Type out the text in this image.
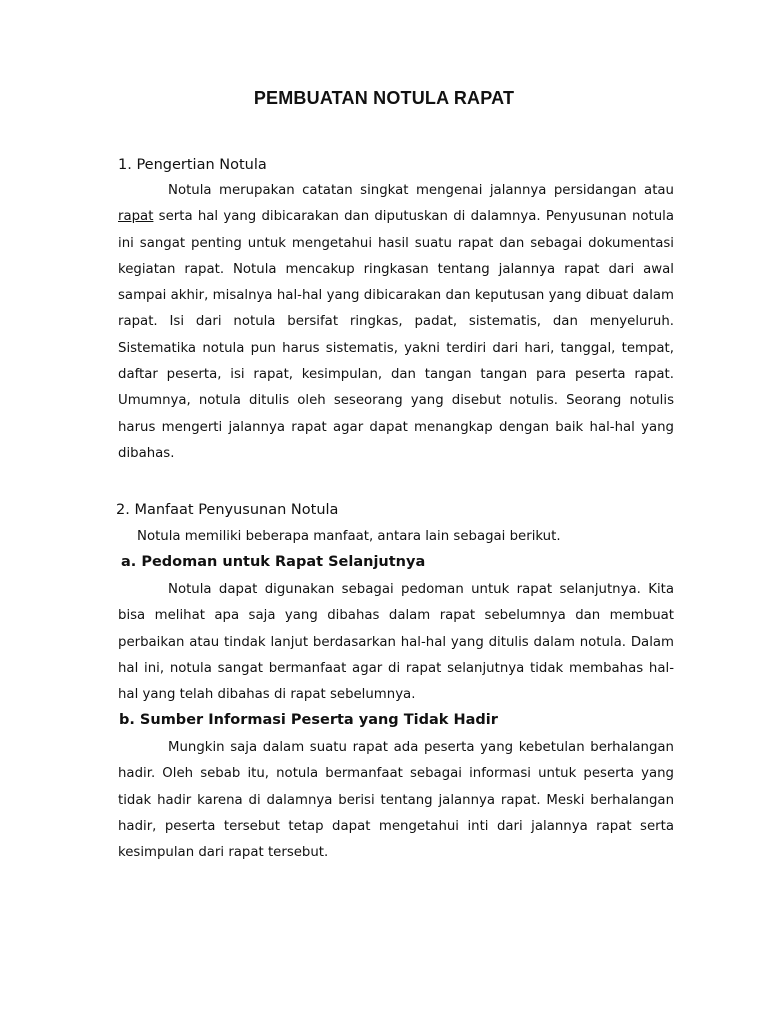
PEMBUATAN NOTULA RAPAT
1. Pengertian Notula

Notula merupakan catatan singkat mengenai jalannya persidangan atau rapat serta hal yang dibicarakan dan diputuskan di dalamnya. Penyusunan notula ini sangat penting untuk mengetahui hasil suatu rapat dan sebagai dokumentasi kegiatan rapat. Notula mencakup ringkasan tentang jalannya rapat dari awal sampai akhir, misalnya hal-hal yang dibicarakan dan keputusan yang dibuat dalam rapat. Isi dari notula bersifat ringkas, padat, sistematis, dan menyeluruh. Sistematika notula pun harus sistematis, yakni terdiri dari hari, tanggal, tempat, daftar peserta, isi rapat, kesimpulan, dan tangan tangan para peserta rapat. Umumnya, notula ditulis oleh seseorang yang disebut notulis. Seorang notulis harus mengerti jalannya rapat agar dapat menangkap dengan baik hal-hal yang dibahas.

2. Manfaat Penyusunan Notula

Notula memiliki beberapa manfaat, antara lain sebagai berikut.

a. Pedoman untuk Rapat Selanjutnya

Notula dapat digunakan sebagai pedoman untuk rapat selanjutnya. Kita bisa melihat apa saja yang dibahas dalam rapat sebelumnya dan membuat perbaikan atau tindak lanjut berdasarkan hal-hal yang ditulis dalam notula. Dalam hal ini, notula sangat bermanfaat agar di rapat selanjutnya tidak membahas hal-hal yang telah dibahas di rapat sebelumnya.

b. Sumber Informasi Peserta yang Tidak Hadir

Mungkin saja dalam suatu rapat ada peserta yang kebetulan berhalangan hadir. Oleh sebab itu, notula bermanfaat sebagai informasi untuk peserta yang tidak hadir karena di dalamnya berisi tentang jalannya rapat. Meski berhalangan hadir, peserta tersebut tetap dapat mengetahui inti dari jalannya rapat serta kesimpulan dari rapat tersebut.
